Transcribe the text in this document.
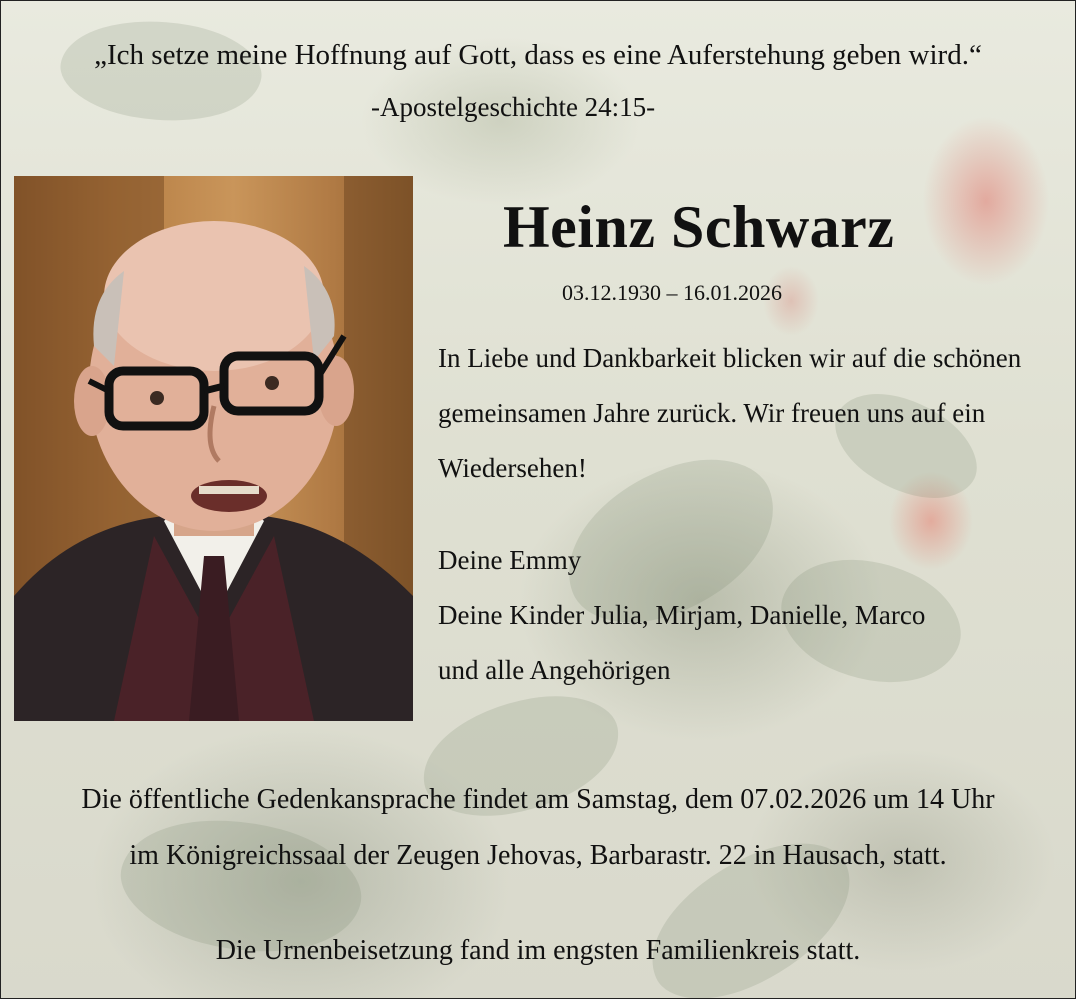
„Ich setze meine Hoffnung auf Gott, dass es eine Auferstehung geben wird.“
-Apostelgeschichte 24:15-
Heinz Schwarz
03.12.1930 – 16.01.2026
In Liebe und Dankbarkeit blicken wir auf die schönen gemeinsamen Jahre zurück. Wir freuen uns auf ein Wiedersehen!
Deine Emmy
Deine Kinder Julia, Mirjam, Danielle, Marco
und alle Angehörigen
Die öffentliche Gedenkansprache findet am Samstag, dem 07.02.2026 um 14 Uhr
im Königreichssaal der Zeugen Jehovas, Barbarastr. 22 in Hausach, statt.
Die Urnenbeisetzung fand im engsten Familienkreis statt.
